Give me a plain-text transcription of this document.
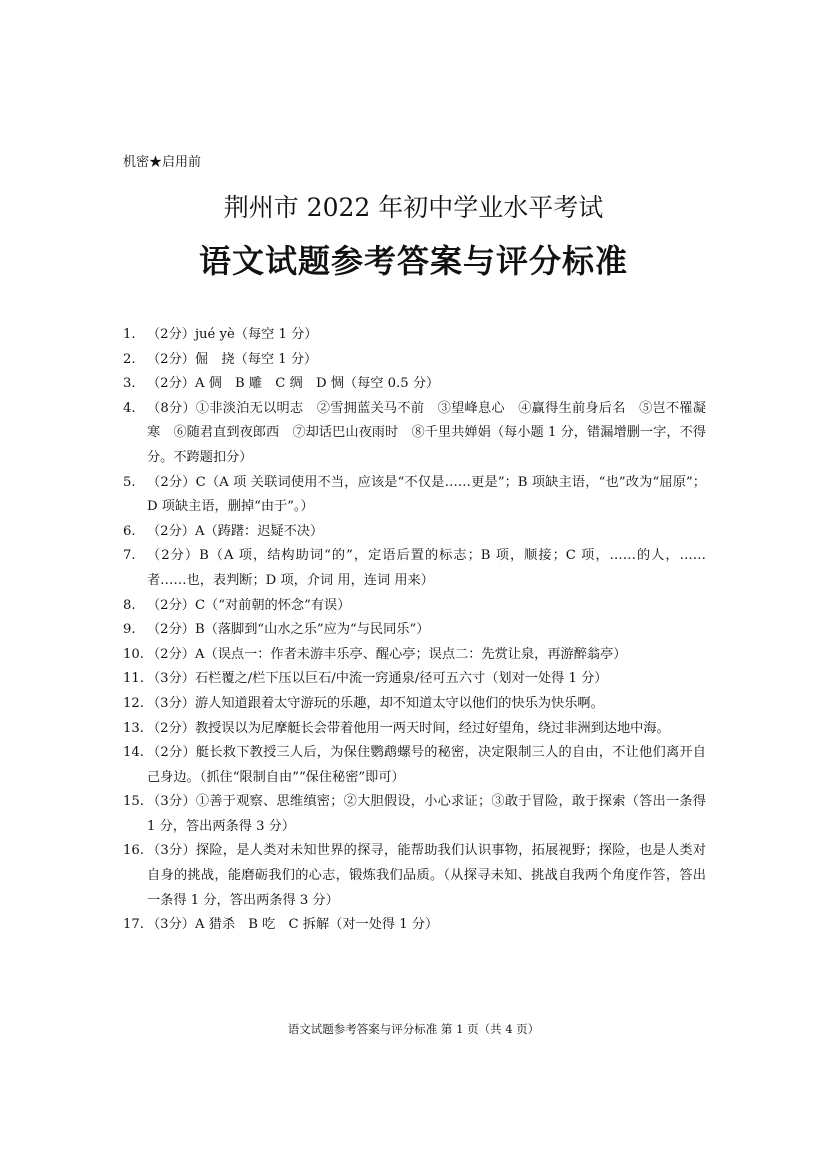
机密★启用前
荆州市 2022 年初中学业水平考试
语文试题参考答案与评分标准
1. （2分）jué yè（每空 1 分）
2. （2分）倔　挠（每空 1 分）
3. （2分）A 倜　B 雕　C 绸　D 惆（每空 0.5 分）
4. （8分）①非淡泊无以明志　②雪拥蓝关马不前　③望峰息心　④赢得生前身后名　⑤岂不罹凝寒　⑥随君直到夜郎西　⑦却话巴山夜雨时　⑧千里共婵娟（每小题 1 分，错漏增删一字，不得分。不跨题扣分）
5. （2分）C（A 项 关联词使用不当，应该是“不仅是……更是”；B 项缺主语，“也”改为“屈原”；D 项缺主语，删掉“由于”。）
6. （2分）A（踌躇：迟疑不决）
7. （2分）B（A 项，结构助词“的”，定语后置的标志；B 项，顺接；C 项，……的人，……者……也，表判断；D 项，介词 用，连词 用来）
8. （2分）C（“对前朝的怀念”有误）
9. （2分）B（落脚到“山水之乐”应为“与民同乐”）
10. （2分）A（误点一：作者未游丰乐亭、醒心亭；误点二：先赏让泉，再游醉翁亭）
11. （3分）石栏覆之/栏下压以巨石/中流一窍通泉/径可五六寸（划对一处得 1 分）
12. （3分）游人知道跟着太守游玩的乐趣，却不知道太守以他们的快乐为快乐啊。
13. （2分）教授误以为尼摩艇长会带着他用一两天时间，经过好望角，绕过非洲到达地中海。
14. （2分）艇长救下教授三人后，为保住鹦鹉螺号的秘密，决定限制三人的自由，不让他们离开自己身边。（抓住“限制自由”“保住秘密”即可）
15. （3分）①善于观察、思维缜密；②大胆假设，小心求证；③敢于冒险，敢于探索（答出一条得 1 分，答出两条得 3 分）
16. （3分）探险，是人类对未知世界的探寻，能帮助我们认识事物，拓展视野；探险，也是人类对自身的挑战，能磨砺我们的心志，锻炼我们品质。（从探寻未知、挑战自我两个角度作答，答出一条得 1 分，答出两条得 3 分）
17. （3分）A 猎杀　B 吃　C 拆解（对一处得 1 分）
语文试题参考答案与评分标准 第 1 页（共 4 页）
